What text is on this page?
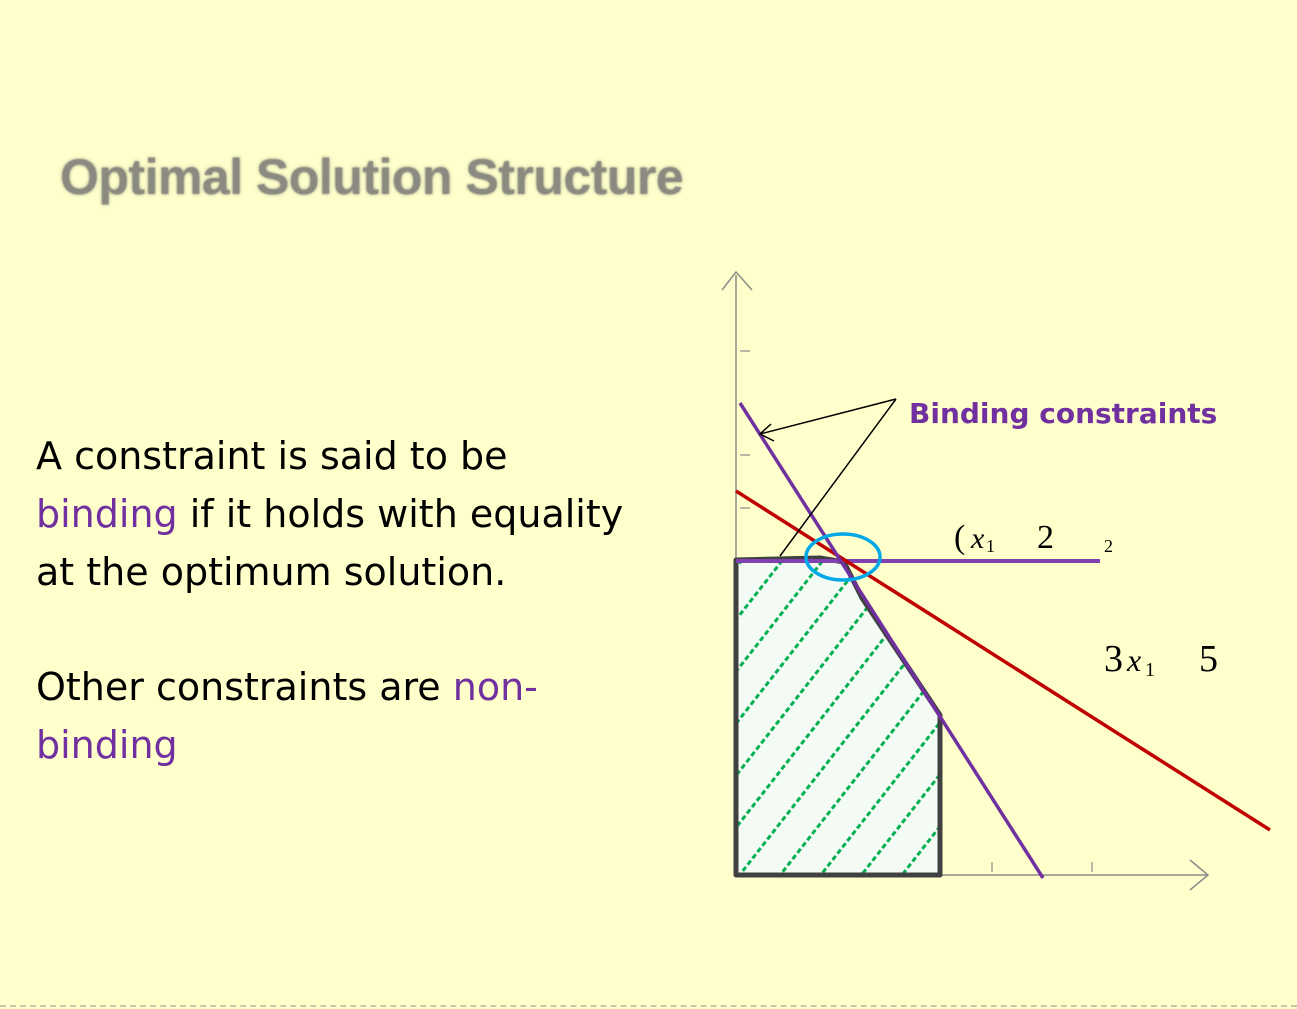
Optimal Solution Structure
A constraint is said to be
binding if it holds with equality
at the optimum solution.
Other constraints are non-
binding
Binding constraints
( x 1 2	2
3 x 1 5
